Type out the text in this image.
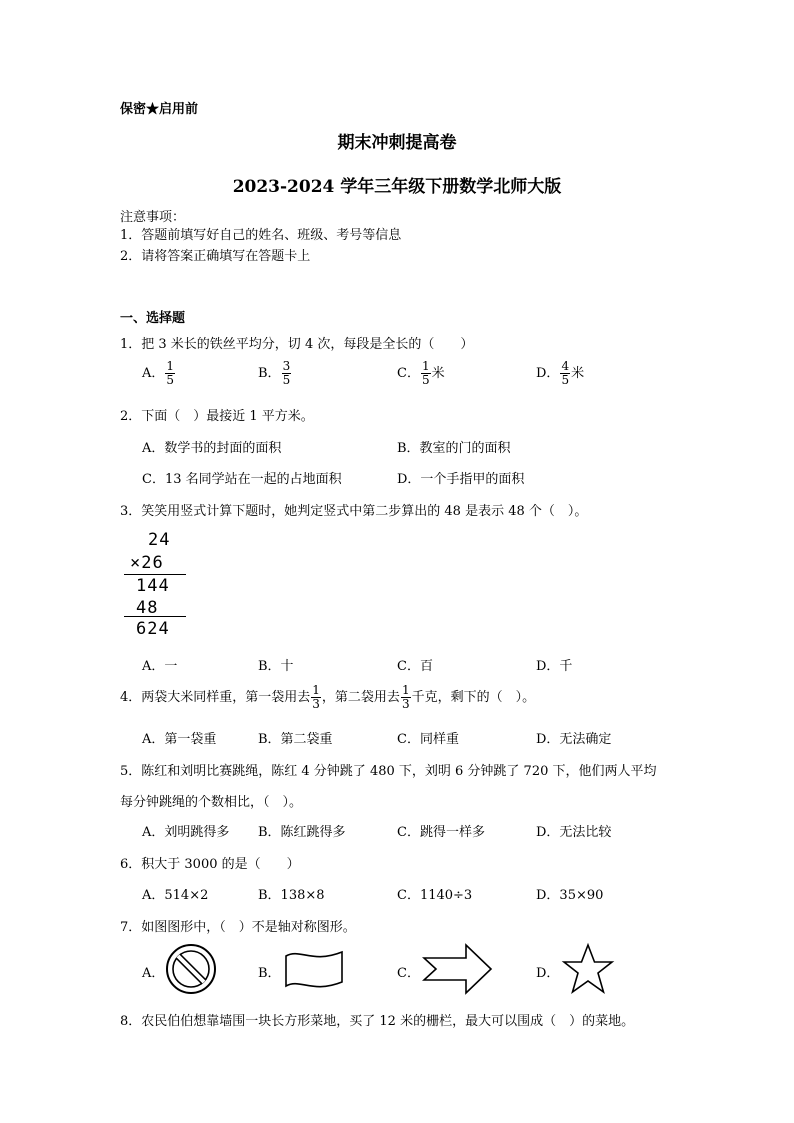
保密★启用前
期末冲刺提高卷
2023-2024 学年三年级下册数学北师大版
注意事项：
1．答题前填写好自己的姓名、班级、考号等信息
2．请将答案正确填写在答题卡上
一、选择题
1．把 3 米长的铁丝平均分，切 4 次，每段是全长的（　　）
A． $\frac{1}{5}$	B． $\frac{3}{5}$	C． $\frac{1}{5}$ 米	D． $\frac{4}{5}$ 米
2．下面（　）最接近 1 平方米。
A．数学书的封面的面积	B．教室的门的面积
C．13 名同学站在一起的占地面积	D．一个手指甲的面积
3．笑笑用竖式计算下题时，她判定竖式中第二步算出的 48 是表示 48 个（　）。
24
×26
144
48
624
A．一	B．十	C．百	D．千
4．两袋大米同样重，第一袋用去 $\frac{1}{3}$ ，第二袋用去 $\frac{1}{3}$ 千克，剩下的（　）。
A．第一袋重	B．第二袋重	C．同样重	D．无法确定
5．陈红和刘明比赛跳绳，陈红 4 分钟跳了 480 下，刘明 6 分钟跳了 720 下，他们两人平均
每分钟跳绳的个数相比，（　）。
A．刘明跳得多 B．陈红跳得多	C．跳得一样多	D．无法比较
6．积大于 3000 的是（　　）
A．514×2	B．138×8	C．1140÷3	D．35×90
7．如图图形中，（　）不是轴对称图形。
A．	B．	C．	D．
8．农民伯伯想靠墙围一块长方形菜地，买了 12 米的栅栏，最大可以围成（　）的菜地。
